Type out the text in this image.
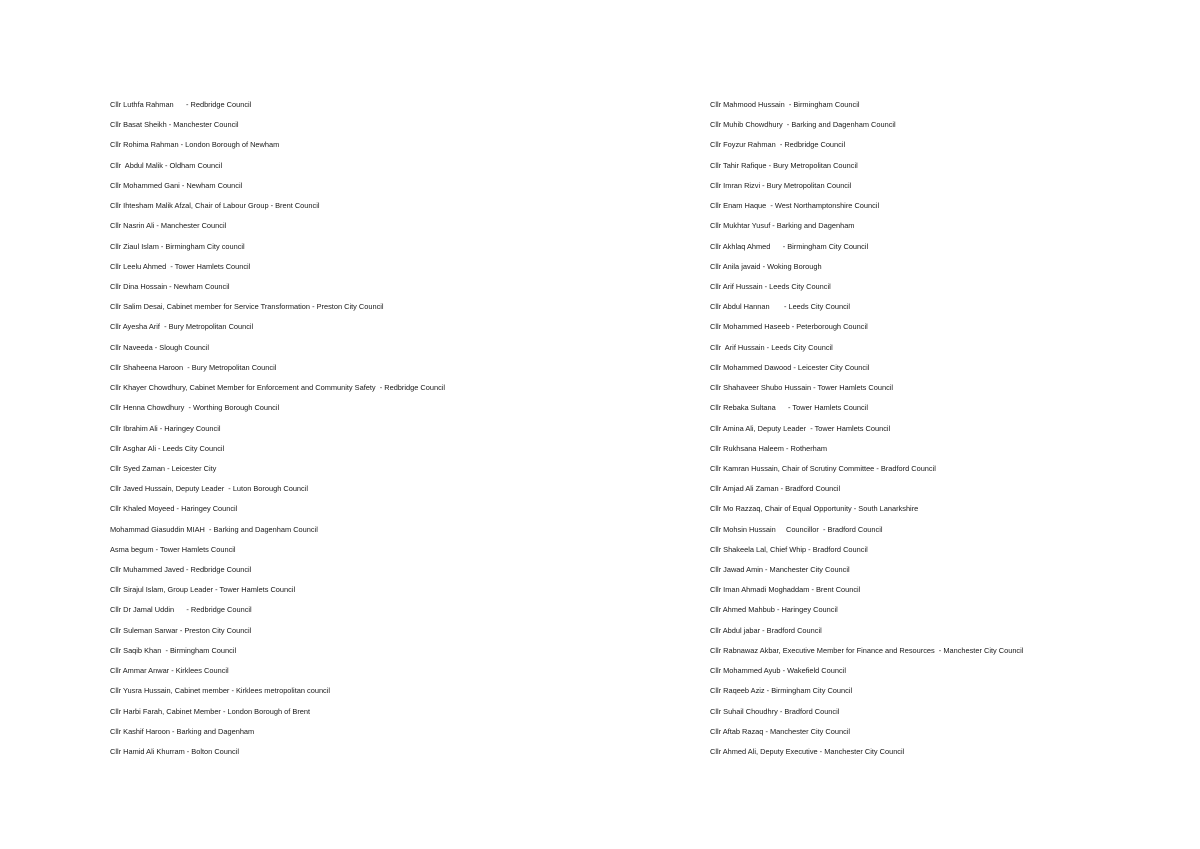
Cllr Luthfa Rahman      - Redbridge Council
Cllr Basat Sheikh - Manchester Council
Cllr Rohima Rahman - London Borough of Newham
Cllr  Abdul Malik - Oldham Council
Cllr Mohammed Gani - Newham Council
Cllr Ihtesham Malik Afzal, Chair of Labour Group - Brent Council
Cllr Nasrin Ali - Manchester Council
Cllr Ziaul Islam - Birmingham City council
Cllr Leelu Ahmed  - Tower Hamlets Council
Cllr Dina Hossain - Newham Council
Cllr Salim Desai, Cabinet member for Service Transformation - Preston City Council
Cllr Ayesha Arif  - Bury Metropolitan Council
Cllr Naveeda - Slough Council
Cllr Shaheena Haroon  - Bury Metropolitan Council
Cllr Khayer Chowdhury, Cabinet Member for Enforcement and Community Safety  - Redbridge Council
Cllr Henna Chowdhury  - Worthing Borough Council
Cllr Ibrahim Ali - Haringey Council
Cllr Asghar Ali - Leeds City Council
Cllr Syed Zaman - Leicester City
Cllr Javed Hussain, Deputy Leader  - Luton Borough Council
Cllr Khaled Moyeed - Haringey Council
Mohammad Giasuddin MIAH  - Barking and Dagenham Council
Asma begum - Tower Hamlets Council
Cllr Muhammed Javed - Redbridge Council
Cllr Sirajul Islam, Group Leader - Tower Hamlets Council
Cllr Dr Jamal Uddin      - Redbridge Council
Cllr Suleman Sarwar - Preston City Council
Cllr Saqib Khan  - Birmingham Council
Cllr Ammar Anwar - Kirklees Council
Cllr Yusra Hussain, Cabinet member - Kirklees metropolitan council
Cllr Harbi Farah, Cabinet Member - London Borough of Brent
Cllr Kashif Haroon - Barking and Dagenham
Cllr Hamid Ali Khurram - Bolton Council
Cllr Mahmood Hussain  - Birmingham Council
Cllr Muhib Chowdhury  - Barking and Dagenham Council
Cllr Foyzur Rahman  - Redbridge Council
Cllr Tahir Rafique - Bury Metropolitan Council
Cllr Imran Rizvi - Bury Metropolitan Council
Cllr Enam Haque  - West Northamptonshire Council
Cllr Mukhtar Yusuf - Barking and Dagenham
Cllr Akhlaq Ahmed      - Birmingham City Council
Cllr Anila javaid - Woking Borough
Cllr Arif Hussain - Leeds City Council
Cllr Abdul Hannan       - Leeds City Council
Cllr Mohammed Haseeb - Peterborough Council
Cllr  Arif Hussain - Leeds City Council
Cllr Mohammed Dawood - Leicester City Council
Cllr Shahaveer Shubo Hussain - Tower Hamlets Council
Cllr Rebaka Sultana      - Tower Hamlets Council
Cllr Amina Ali, Deputy Leader  - Tower Hamlets Council
Cllr Rukhsana Haleem - Rotherham
Cllr Kamran Hussain, Chair of Scrutiny Committee - Bradford Council
Cllr Amjad Ali Zaman - Bradford Council
Cllr Mo Razzaq, Chair of Equal Opportunity - South Lanarkshire
Cllr Mohsin Hussain     Councillor  - Bradford Council
Cllr Shakeela Lal, Chief Whip - Bradford Council
Cllr Jawad Amin - Manchester City Council
Cllr Iman Ahmadi Moghaddam - Brent Council
Cllr Ahmed Mahbub - Haringey Council
Cllr Abdul jabar - Bradford Council
Cllr Rabnawaz Akbar, Executive Member for Finance and Resources  - Manchester City Council
Cllr Mohammed Ayub - Wakefield Council
Cllr Raqeeb Aziz - Birmingham City Council
Cllr Suhail Choudhry - Bradford Council
Cllr Aftab Razaq - Manchester City Council
Cllr Ahmed Ali, Deputy Executive - Manchester City Council
